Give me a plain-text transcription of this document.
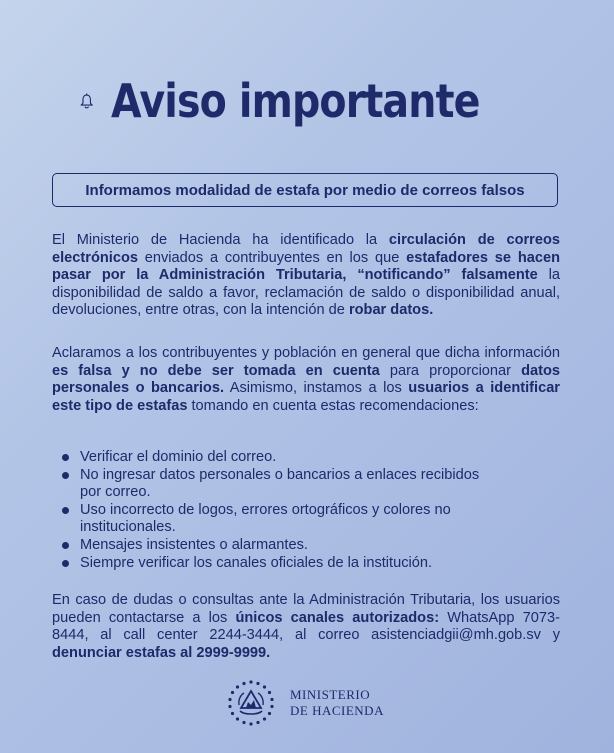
Aviso importante
Informamos modalidad de estafa por medio de correos falsos

El Ministerio de Hacienda ha identificado la circulación de correos electrónicos enviados a contribuyentes en los que estafadores se hacen pasar por la Administración Tributaria, “notificando” falsamente la disponibilidad de saldo a favor, reclamación de saldo o disponibilidad anual, devoluciones, entre otras, con la intención de robar datos.

Aclaramos a los contribuyentes y población en general que dicha información es falsa y no debe ser tomada en cuenta para proporcionar datos personales o bancarios. Asimismo, instamos a los usuarios a identificar este tipo de estafas tomando en cuenta estas recomendaciones:

Verificar el dominio del correo.
No ingresar datos personales o bancarios a enlaces recibidos por correo.
Uso incorrecto de logos, errores ortográficos y colores no institucionales.
Mensajes insistentes o alarmantes.
Siempre verificar los canales oficiales de la institución.

En caso de dudas o consultas ante la Administración Tributaria, los usuarios pueden contactarse a los únicos canales autorizados: WhatsApp 7073-8444, al call center 2244-3444, al correo asistenciadgii@mh.gob.sv y denunciar estafas al 2999-9999.

MINISTERIO
DE HACIENDA
